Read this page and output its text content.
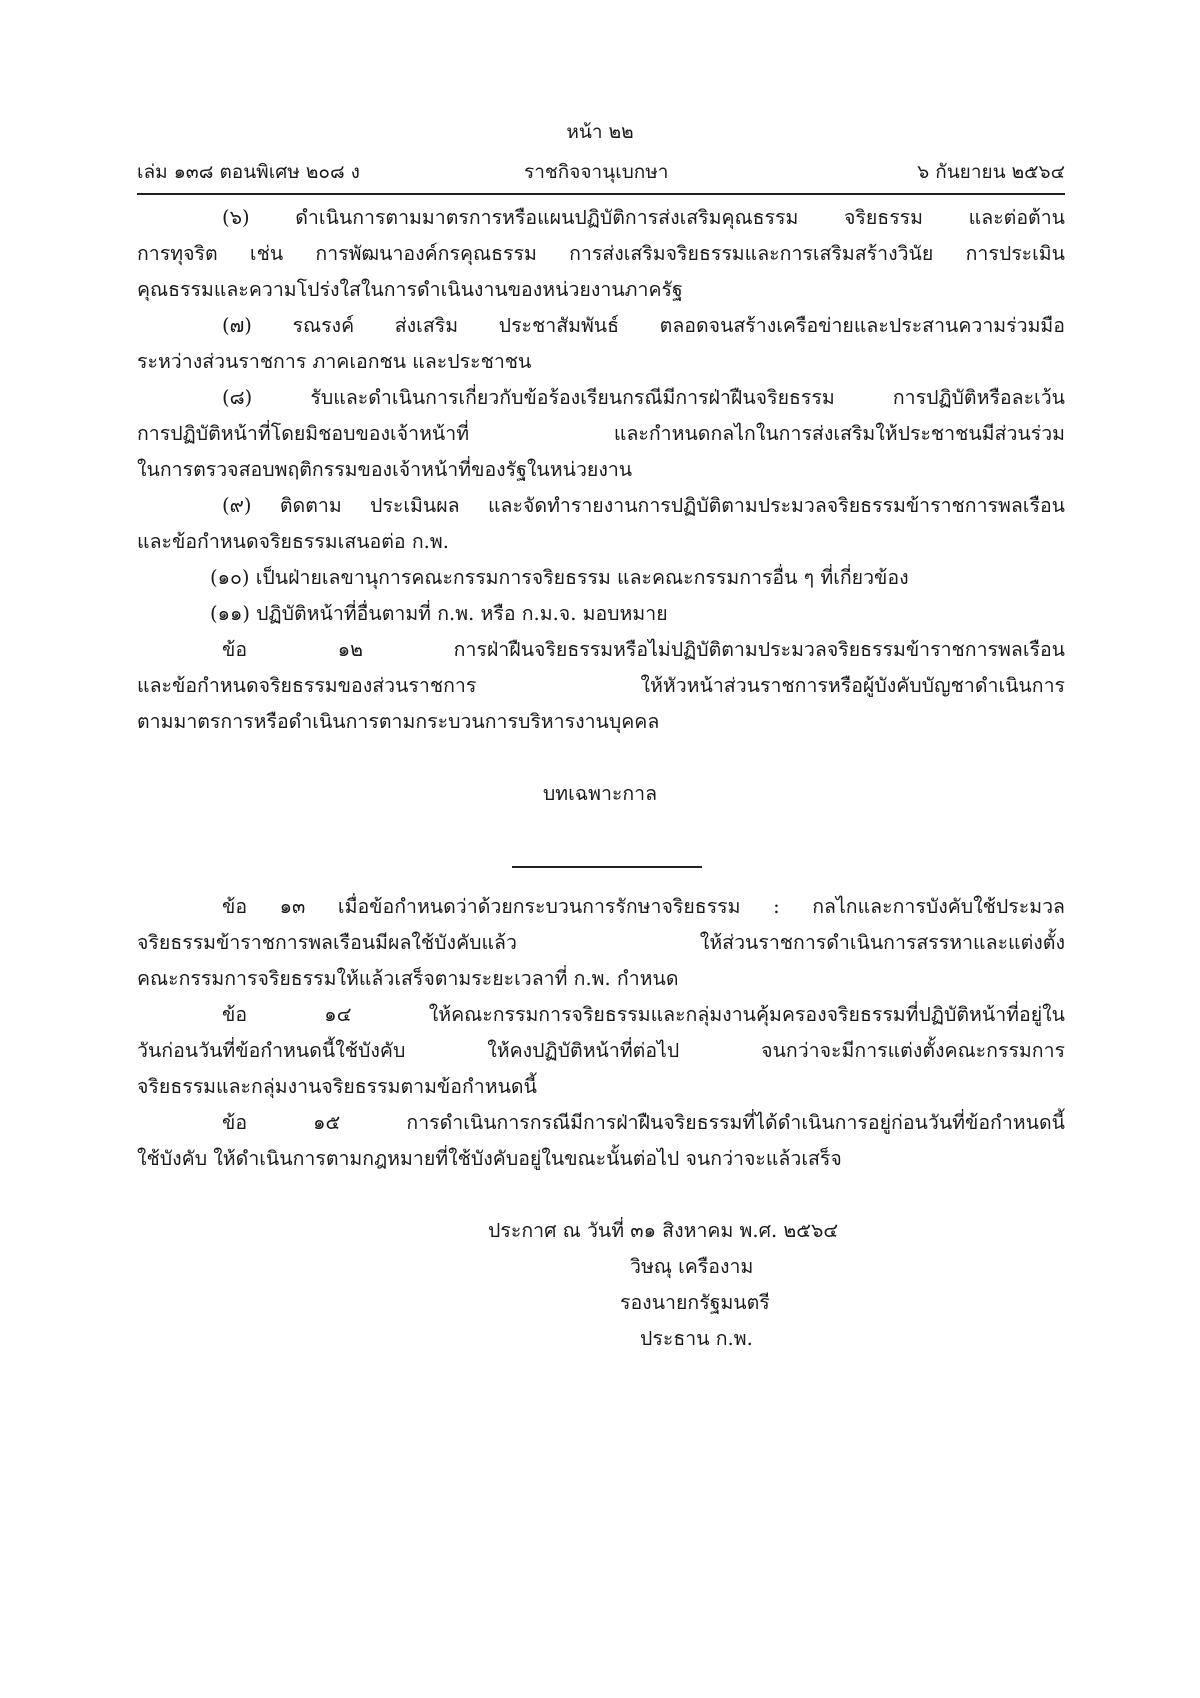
หน้า ๒๒
เล่ม ๑๓๘ ตอนพิเศษ ๒๐๘ ง	ราชกิจจานุเบกษา	๖ กันยายน ๒๕๖๔
(๖) ดำเนินการตามมาตรการหรือแผนปฏิบัติการส่งเสริมคุณธรรม จริยธรรม และต่อต้าน
การทุจริต เช่น การพัฒนาองค์กรคุณธรรม การส่งเสริมจริยธรรมและการเสริมสร้างวินัย การประเมิน
คุณธรรมและความโปร่งใสในการดำเนินงานของหน่วยงานภาครัฐ
(๗) รณรงค์ ส่งเสริม ประชาสัมพันธ์ ตลอดจนสร้างเครือข่ายและประสานความร่วมมือ
ระหว่างส่วนราชการ ภาคเอกชน และประชาชน
(๘) รับและดำเนินการเกี่ยวกับข้อร้องเรียนกรณีมีการฝ่าฝืนจริยธรรม การปฏิบัติหรือละเว้น
การปฏิบัติหน้าที่โดยมิชอบของเจ้าหน้าที่ และกำหนดกลไกในการส่งเสริมให้ประชาชนมีส่วนร่วม
ในการตรวจสอบพฤติกรรมของเจ้าหน้าที่ของรัฐในหน่วยงาน
(๙) ติดตาม ประเมินผล และจัดทำรายงานการปฏิบัติตามประมวลจริยธรรมข้าราชการพลเรือน
และข้อกำหนดจริยธรรมเสนอต่อ ก.พ.
(๑๐) เป็นฝ่ายเลขานุการคณะกรรมการจริยธรรม และคณะกรรมการอื่น ๆ ที่เกี่ยวข้อง
(๑๑) ปฏิบัติหน้าที่อื่นตามที่ ก.พ. หรือ ก.ม.จ. มอบหมาย
ข้อ ๑๒ การฝ่าฝืนจริยธรรมหรือไม่ปฏิบัติตามประมวลจริยธรรมข้าราชการพลเรือน
และข้อกำหนดจริยธรรมของส่วนราชการ ให้หัวหน้าส่วนราชการหรือผู้บังคับบัญชาดำเนินการ
ตามมาตรการหรือดำเนินการตามกระบวนการบริหารงานบุคคล
บทเฉพาะกาล
ข้อ ๑๓ เมื่อข้อกำหนดว่าด้วยกระบวนการรักษาจริยธรรม : กลไกและการบังคับใช้ประมวล
จริยธรรมข้าราชการพลเรือนมีผลใช้บังคับแล้ว ให้ส่วนราชการดำเนินการสรรหาและแต่งตั้ง
คณะกรรมการจริยธรรมให้แล้วเสร็จตามระยะเวลาที่ ก.พ. กำหนด
ข้อ ๑๔ ให้คณะกรรมการจริยธรรมและกลุ่มงานคุ้มครองจริยธรรมที่ปฏิบัติหน้าที่อยู่ใน
วันก่อนวันที่ข้อกำหนดนี้ใช้บังคับ ให้คงปฏิบัติหน้าที่ต่อไป จนกว่าจะมีการแต่งตั้งคณะกรรมการ
จริยธรรมและกลุ่มงานจริยธรรมตามข้อกำหนดนี้
ข้อ ๑๕ การดำเนินการกรณีมีการฝ่าฝืนจริยธรรมที่ได้ดำเนินการอยู่ก่อนวันที่ข้อกำหนดนี้
ใช้บังคับ ให้ดำเนินการตามกฎหมายที่ใช้บังคับอยู่ในขณะนั้นต่อไป จนกว่าจะแล้วเสร็จ
ประกาศ ณ วันที่ ๓๑ สิงหาคม พ.ศ. ๒๕๖๔
วิษณุ เครืองาม
รองนายกรัฐมนตรี
ประธาน ก.พ.
